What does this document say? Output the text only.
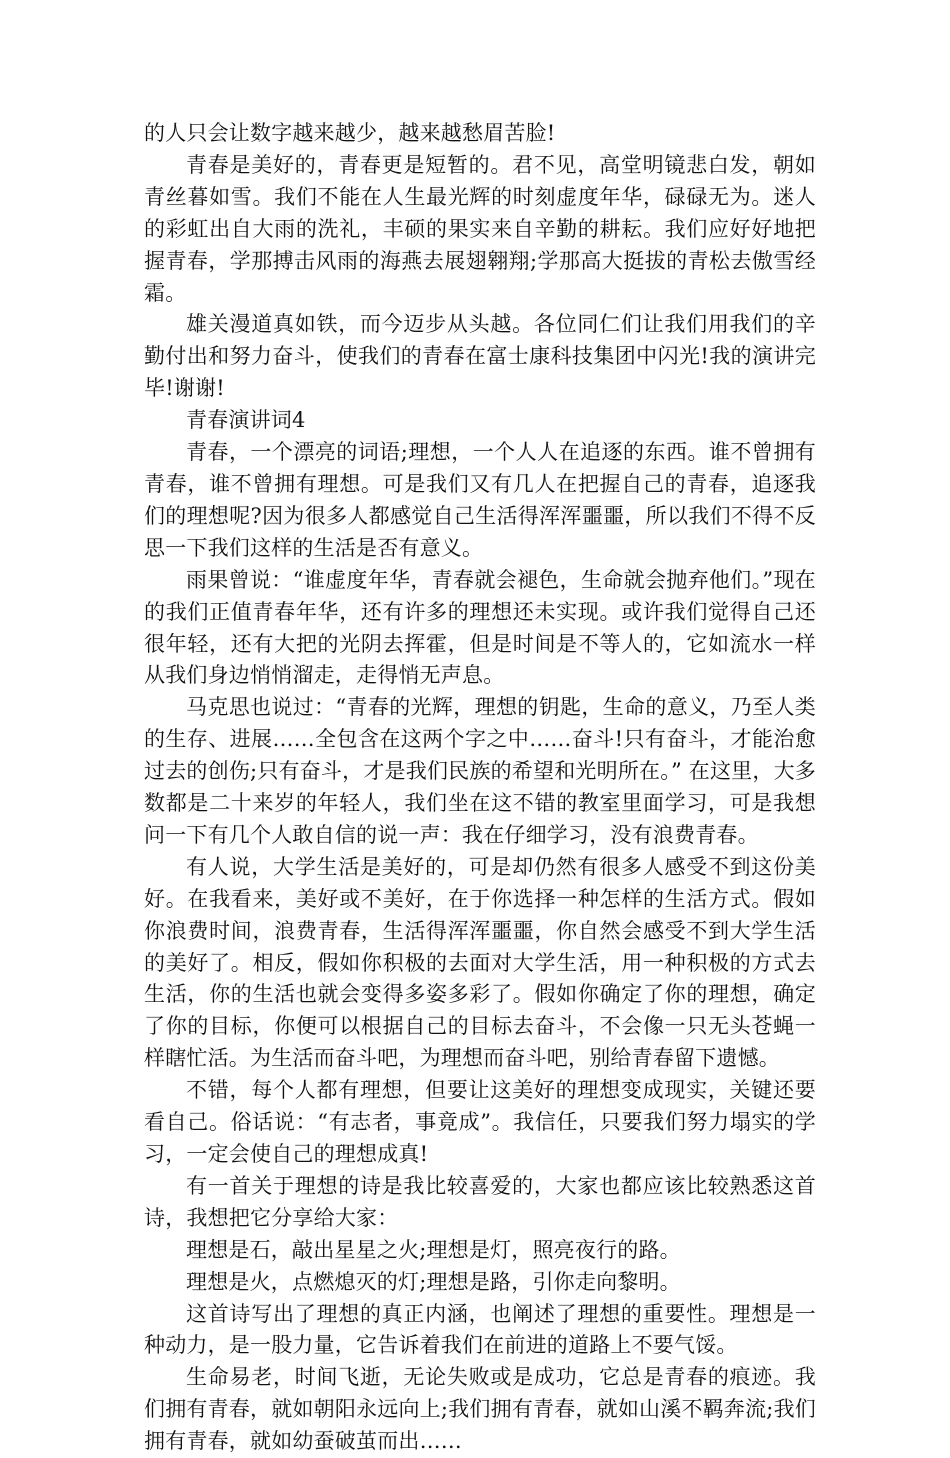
的人只会让数字越来越少，越来越愁眉苦脸!

青春是美好的，青春更是短暂的。君不见，高堂明镜悲白发，朝如青丝暮如雪。我们不能在人生最光辉的时刻虚度年华，碌碌无为。迷人的彩虹出自大雨的洗礼，丰硕的果实来自辛勤的耕耘。我们应好好地把握青春，学那搏击风雨的海燕去展翅翱翔;学那高大挺拔的青松去傲雪经霜。

雄关漫道真如铁，而今迈步从头越。各位同仁们让我们用我们的辛勤付出和努力奋斗，使我们的青春在富士康科技集团中闪光!我的演讲完毕!谢谢!

青春演讲词4

青春，一个漂亮的词语;理想，一个人人在追逐的东西。谁不曾拥有青春，谁不曾拥有理想。可是我们又有几人在把握自己的青春，追逐我们的理想呢?因为很多人都感觉自己生活得浑浑噩噩，所以我们不得不反思一下我们这样的生活是否有意义。

雨果曾说：“谁虚度年华，青春就会褪色，生命就会抛弃他们。”现在的我们正值青春年华，还有许多的理想还未实现。或许我们觉得自己还很年轻，还有大把的光阴去挥霍，但是时间是不等人的，它如流水一样从我们身边悄悄溜走，走得悄无声息。

马克思也说过：“青春的光辉，理想的钥匙，生命的意义，乃至人类的生存、进展……全包含在这两个字之中……奋斗!只有奋斗，才能治愈过去的创伤;只有奋斗，才是我们民族的希望和光明所在。” 在这里，大多数都是二十来岁的年轻人，我们坐在这不错的教室里面学习，可是我想问一下有几个人敢自信的说一声：我在仔细学习，没有浪费青春。

有人说，大学生活是美好的，可是却仍然有很多人感受不到这份美好。在我看来，美好或不美好，在于你选择一种怎样的生活方式。假如你浪费时间，浪费青春，生活得浑浑噩噩，你自然会感受不到大学生活的美好了。相反，假如你积极的去面对大学生活，用一种积极的方式去生活，你的生活也就会变得多姿多彩了。假如你确定了你的理想，确定了你的目标，你便可以根据自己的目标去奋斗，不会像一只无头苍蝇一样瞎忙活。为生活而奋斗吧，为理想而奋斗吧，别给青春留下遗憾。

不错，每个人都有理想，但要让这美好的理想变成现实，关键还要看自己。俗话说：“有志者，事竟成”。我信任，只要我们努力塌实的学习，一定会使自己的理想成真!

有一首关于理想的诗是我比较喜爱的，大家也都应该比较熟悉这首诗，我想把它分享给大家：

理想是石，敲出星星之火;理想是灯，照亮夜行的路。

理想是火，点燃熄灭的灯;理想是路，引你走向黎明。

这首诗写出了理想的真正内涵，也阐述了理想的重要性。理想是一种动力，是一股力量，它告诉着我们在前进的道路上不要气馁。

生命易老，时间飞逝，无论失败或是成功，它总是青春的痕迹。我们拥有青春，就如朝阳永远向上;我们拥有青春，就如山溪不羁奔流;我们拥有青春，就如幼蚕破茧而出……
